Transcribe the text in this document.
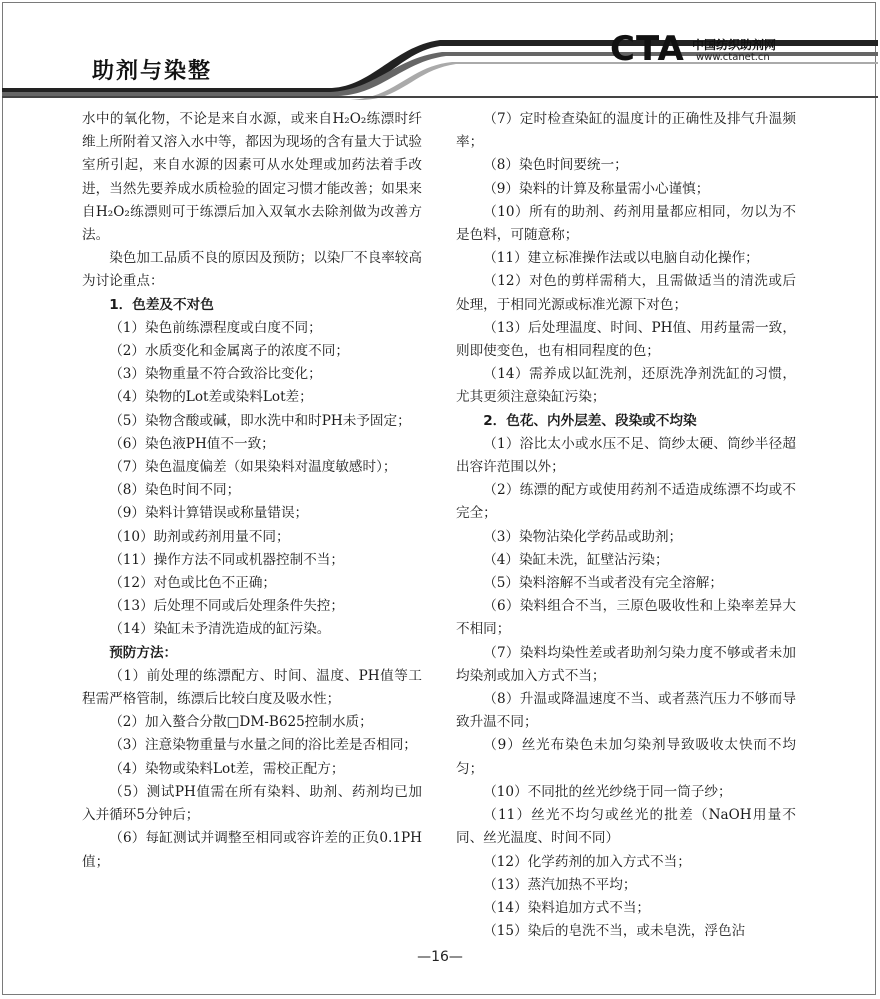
助剂与染整
CTA 中国纺织助剂网
www.ctanet.cn

水中的氧化物，不论是来自水源，或来自H₂O₂练漂时纤维上所附着又溶入水中等，都因为现场的含有量大于试验室所引起，来自水源的因素可从水处理或加药法着手改进，当然先要养成水质检验的固定习惯才能改善；如果来自H₂O₂练漂则可于练漂后加入双氧水去除剂做为改善方法。

染色加工品质不良的原因及预防；以染厂不良率较高为讨论重点：

1．色差及不对色

（1）染色前练漂程度或白度不同；

（2）水质变化和金属离子的浓度不同；

（3）染物重量不符合致浴比变化；

（4）染物的Lot差或染料Lot差；

（5）染物含酸或碱，即水洗中和时PH未予固定；

（6）染色液PH值不一致；

（7）染色温度偏差（如果染料对温度敏感时）；

（8）染色时间不同；

（9）染料计算错误或称量错误；

（10）助剂或药剂用量不同；

（11）操作方法不同或机器控制不当；

（12）对色或比色不正确；

（13）后处理不同或后处理条件失控；

（14）染缸未予清洗造成的缸污染。

预防方法：

（1）前处理的练漂配方、时间、温度、PH值等工程需严格管制，练漂后比较白度及吸水性；

（2）加入螯合分散□DM-B625控制水质；

（3）注意染物重量与水量之间的浴比差是否相同；

（4）染物或染料Lot差，需校正配方；

（5）测试PH值需在所有染料、助剂、药剂均已加入并循环5分钟后；

（6）每缸测试并调整至相同或容许差的正负0.1PH值；

（7）定时检查染缸的温度计的正确性及排气升温频率；

（8）染色时间要统一；

（9）染料的计算及称量需小心谨慎；

（10）所有的助剂、药剂用量都应相同，勿以为不是色料，可随意称；

（11）建立标准操作法或以电脑自动化操作；

（12）对色的剪样需稍大，且需做适当的清洗或后处理，于相同光源或标准光源下对色；

（13）后处理温度、时间、PH值、用药量需一致，则即使变色，也有相同程度的色；

（14）需养成以缸洗剂，还原洗净剂洗缸的习惯，尤其更须注意染缸污染；

2．色花、内外层差、段染或不均染

（1）浴比太小或水压不足、筒纱太硬、筒纱半径超出容许范围以外；

（2）练漂的配方或使用药剂不适造成练漂不均或不完全；

（3）染物沾染化学药品或助剂；

（4）染缸未洗，缸壁沾污染；

（5）染料溶解不当或者没有完全溶解；

（6）染料组合不当，三原色吸收性和上染率差异大不相同；

（7）染料均染性差或者助剂匀染力度不够或者未加均染剂或加入方式不当；

（8）升温或降温速度不当、或者蒸汽压力不够而导致升温不同；

（9）丝光布染色未加匀染剂导致吸收太快而不均匀；

（10）不同批的丝光纱绕于同一筒子纱；

（11）丝光不均匀或丝光的批差（NaOH用量不同、丝光温度、时间不同）

（12）化学药剂的加入方式不当；

（13）蒸汽加热不平均；

（14）染料追加方式不当；

（15）染后的皂洗不当，或未皂洗，浮色沾

—16—
